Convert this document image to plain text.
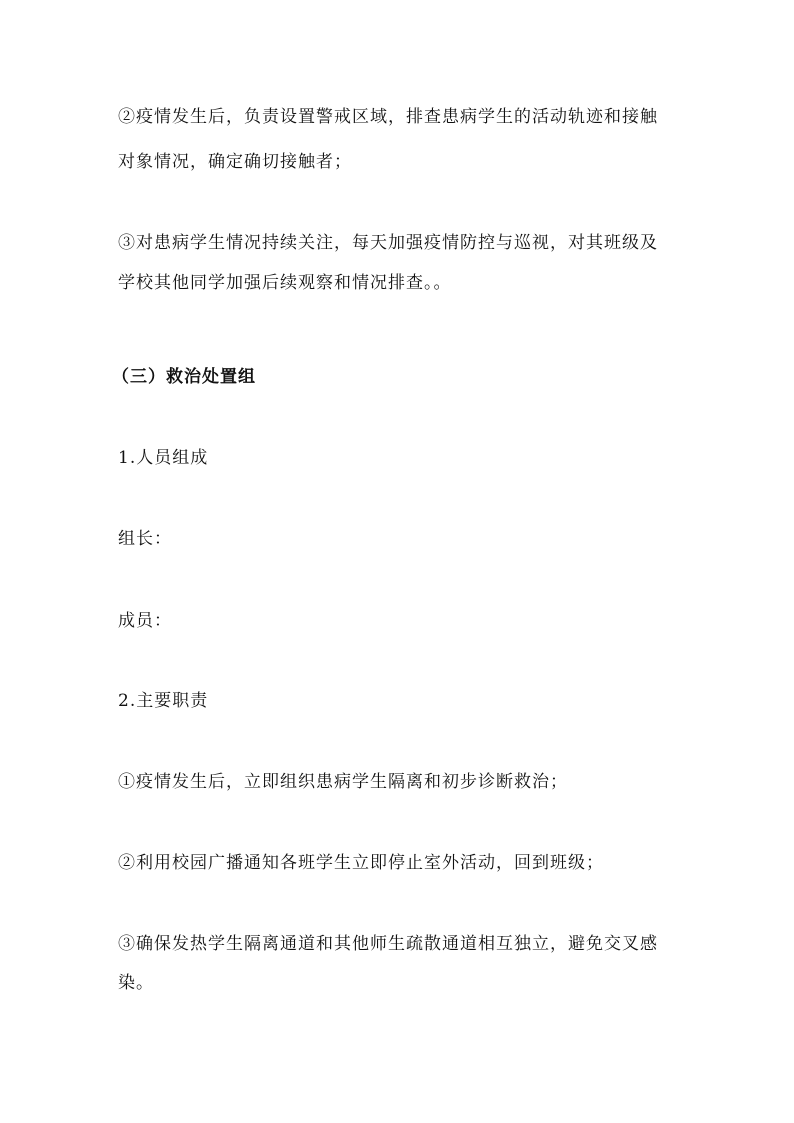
②疫情发生后，负责设置警戒区域，排查患病学生的活动轨迹和接触
对象情况，确定确切接触者；
③对患病学生情况持续关注，每天加强疫情防控与巡视，对其班级及
学校其他同学加强后续观察和情况排查。。
（三）救治处置组
1.人员组成
组长：
成员：
2.主要职责
①疫情发生后，立即组织患病学生隔离和初步诊断救治；
②利用校园广播通知各班学生立即停止室外活动，回到班级；
③确保发热学生隔离通道和其他师生疏散通道相互独立，避免交叉感
染。
